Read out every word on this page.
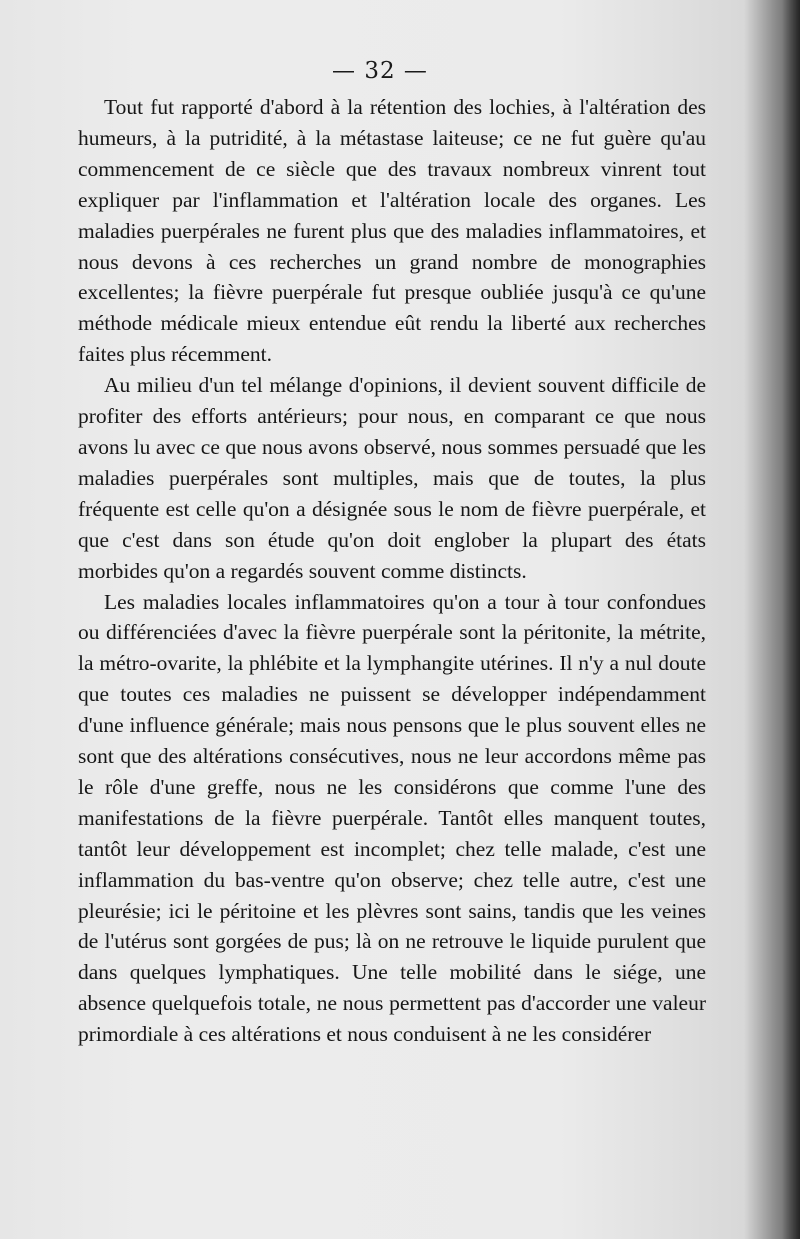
— 32 —

Tout fut rapporté d'abord à la rétention des lochies, à l'altération des humeurs, à la putridité, à la métastase laiteuse; ce ne fut guère qu'au commencement de ce siècle que des travaux nombreux vinrent tout expliquer par l'inflammation et l'altération locale des organes. Les maladies puerpérales ne furent plus que des maladies inflammatoires, et nous devons à ces recherches un grand nombre de monographies excellentes; la fièvre puerpérale fut presque oubliée jusqu'à ce qu'une méthode médicale mieux entendue eût rendu la liberté aux recherches faites plus récemment.

Au milieu d'un tel mélange d'opinions, il devient souvent difficile de profiter des efforts antérieurs; pour nous, en comparant ce que nous avons lu avec ce que nous avons observé, nous sommes persuadé que les maladies puerpérales sont multiples, mais que de toutes, la plus fréquente est celle qu'on a désignée sous le nom de fièvre puerpérale, et que c'est dans son étude qu'on doit englober la plupart des états morbides qu'on a regardés souvent comme distincts.

Les maladies locales inflammatoires qu'on a tour à tour confondues ou différenciées d'avec la fièvre puerpérale sont la péritonite, la métrite, la métro-ovarite, la phlébite et la lymphangite utérines. Il n'y a nul doute que toutes ces maladies ne puissent se développer indépendamment d'une influence générale; mais nous pensons que le plus souvent elles ne sont que des altérations consécutives, nous ne leur accordons même pas le rôle d'une greffe, nous ne les considérons que comme l'une des manifestations de la fièvre puerpérale. Tantôt elles manquent toutes, tantôt leur développement est incomplet; chez telle malade, c'est une inflammation du bas-ventre qu'on observe; chez telle autre, c'est une pleurésie; ici le péritoine et les plèvres sont sains, tandis que les veines de l'utérus sont gorgées de pus; là on ne retrouve le liquide purulent que dans quelques lymphatiques. Une telle mobilité dans le siége, une absence quelquefois totale, ne nous permettent pas d'accorder une valeur primordiale à ces altérations et nous conduisent à ne les considérer
